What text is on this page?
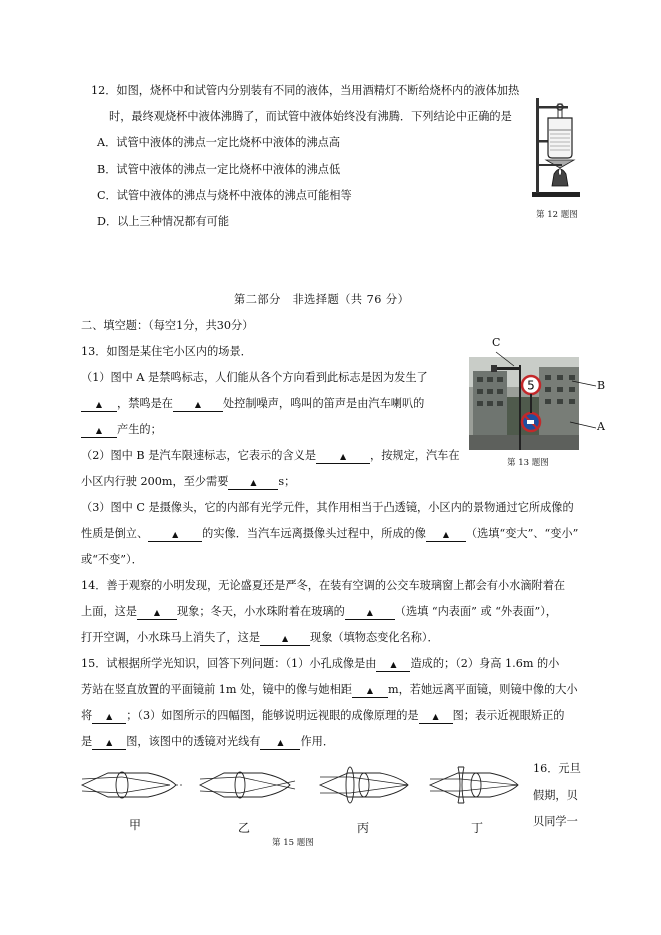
12．如图，烧杯中和试管内分别装有不同的液体，当用酒精灯不断给烧杯内的液体加热
时，最终观烧杯中液体沸腾了，而试管中液体始终没有沸腾．下列结论中正确的是
A．试管中液体的沸点一定比烧杯中液体的沸点高
B．试管中液体的沸点一定比烧杯中液体的沸点低
C．试管中液体的沸点与烧杯中液体的沸点可能相等
D．以上三种情况都有可能	第 12 题图
第二部分　非选择题（共 76 分）
二、填空题：（每空1分，共30分）
13．如图是某住宅小区内的场景．
（1）图中 A 是禁鸣标志，人们能从各个方向看到此标志是因为发生了
▲ ，禁鸣是在	▲ 处控制噪声，鸣叫的笛声是由汽车喇叭的
▲ 产生的；
（2）图中 B 是汽车限速标志，它表示的含义是	▲ ，按规定，汽车在
小区内行驶 200m，至少需要	▲ s；
（3）图中 C 是摄像头，它的内部有光学元件，其作用相当于凸透镜，小区内的景物通过它所成像的
性质是倒立、	▲ 的实像．当汽车远离摄像头过程中，所成的像 ▲ （选填“变大”、“变小”
或“不变”）．
5
C
B
A
第 13 题图
14．善于观察的小明发现，无论盛夏还是严冬，在装有空调的公交车玻璃窗上都会有小水滴附着在
上面，这是 ▲ 现象；冬天，小水珠附着在玻璃的	▲ （选填 “内表面” 或 “外表面”），
打开空调，小水珠马上消失了，这是	▲ 现象（填物态变化名称）．
15．试根据所学光知识，回答下列问题：（1）小孔成像是由 ▲ 造成的；（2）身高 1.6m 的小
芳站在竖直放置的平面镜前 1m 处，镜中的像与她相距 ▲ m，若她远离平面镜，则镜中像的大小
将 ▲ ；（3）如图所示的四幅图，能够说明远视眼的成像原理的是 ▲ 图；表示近视眼矫正的
是 ▲ 图，该图中的透镜对光线有 ▲ 作用．
甲	乙	丙	丁
第 15 题图
16．元旦
假期，贝
贝同学一
